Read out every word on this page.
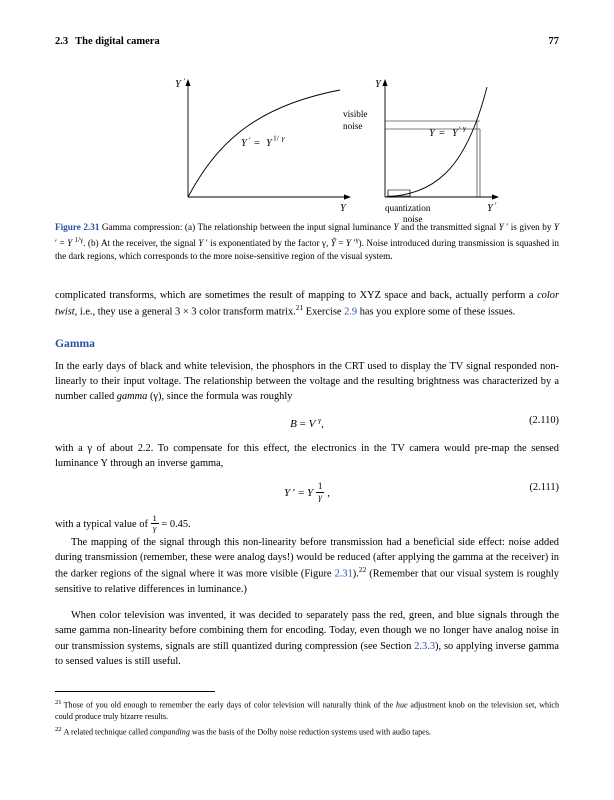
2.3 The digital camera	77
Y ′
Y
Y ′ = Y 1/ γ
Y
Y ′
visible
noise
quantization
noise
Y = Y ′ γ
Figure 2.31 Gamma compression: (a) The relationship between the input signal luminance Y and the transmitted signal Y ′ is given by Y ′ = Y $^{1/\gamma}$. (b) At the receiver, the signal Y ′ is exponentiated by the factor γ, Ŷ = Y $'^\gamma$). Noise introduced during transmission is squashed in the dark regions, which corresponds to the more noise-sensitive region of the visual system.

complicated transforms, which are sometimes the result of mapping to XYZ space and back, actually perform a color twist, i.e., they use a general 3 × 3 color transform matrix.$^{21}$ Exercise 2.9 has you explore some of these issues.

Gamma

In the early days of black and white television, the phosphors in the CRT used to display the TV signal responded non-linearly to their input voltage. The relationship between the voltage and the resulting brightness was characterized by a number called gamma (γ), since the formula was roughly

B = V $^\gamma$,	(2.110)

with a γ of about 2.2. To compensate for this effect, the electronics in the TV camera would pre-map the sensed luminance Y through an inverse gamma,

Y ′ = Y $\frac{1}{\gamma}$ ,	(2.111)

with a typical value of $\frac{1}{\gamma} = 0.45$.

The mapping of the signal through this non-linearity before transmission had a beneficial side effect: noise added during transmission (remember, these were analog days!) would be reduced (after applying the gamma at the receiver) in the darker regions of the signal where it was more visible (Figure 2.31).$^{22}$ (Remember that our visual system is roughly sensitive to relative differences in luminance.)

When color television was invented, it was decided to separately pass the red, green, and blue signals through the same gamma non-linearity before combining them for encoding. Today, even though we no longer have analog noise in our transmission systems, signals are still quantized during compression (see Section 2.3.3), so applying inverse gamma to sensed values is still useful.

$^{21}$ Those of you old enough to remember the early days of color television will naturally think of the hue adjustment knob on the television set, which could produce truly bizarre results.
$^{22}$ A related technique called companding was the basis of the Dolby noise reduction systems used with audio tapes.
